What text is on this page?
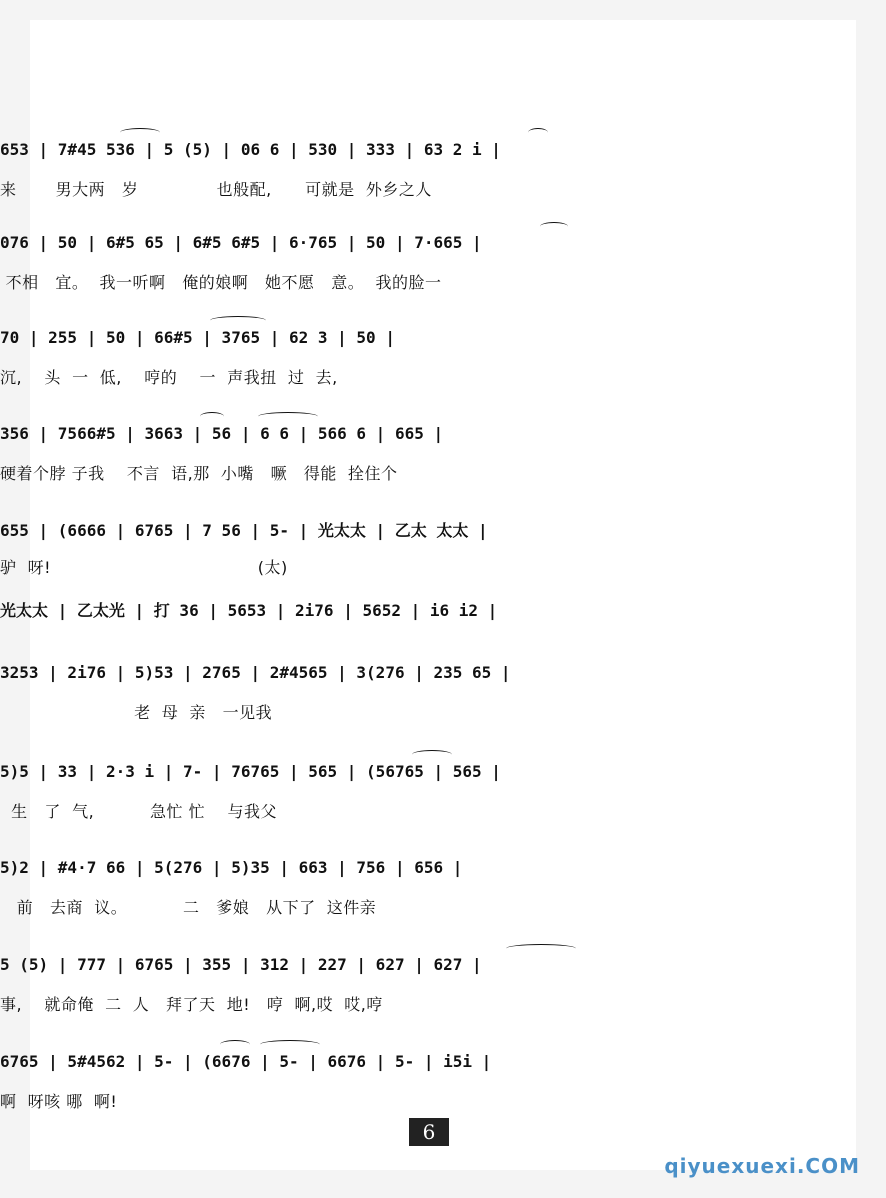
653 | 7#45 536 | 5 (5) | 06 6 | 530 | 333 | 63 2 i |
来       男大两   岁              也般配,      可就是  外乡之人
076 | 50 | 6#5 65 | 6#5 6#5 | 6·765 | 50 | 7·665 |
不相   宜。  我一听啊   俺的娘啊   她不愿   意。  我的脸一
70 | 255 | 50 | 66#5 | 3765 | 62 3 | 50 |
沉,    头  一  低,    哼的    一  声我扭  过  去,
356 | 7566#5 | 3663 | 56 | 6 6 | 566 6 | 665 |
硬着个脖 子我    不言  语,那  小嘴   噘   得能  拴住个
655 | (6666 | 6765 | 7 56 | 5- | 光太太 | 乙太 太太 |
驴  呀!                                     (太)
光太太 | 乙太光 | 打 36 | 5653 | 2i76 | 5652 | i6 i2 |
3253 | 2i76 | 5)53 | 2765 | 2#4565 | 3(276 | 235 65 |
老  母  亲   一见我
5)5 | 33 | 2·3 i | 7- | 76765 | 565 | (56765 | 565 |
生   了  气,          急忙 忙    与我父
5)2 | #4·7 66 | 5(276 | 5)35 | 663 | 756 | 656 |
前   去商  议。          二   爹娘   从下了  这件亲
5 (5) | 777 | 6765 | 355 | 312 | 227 | 627 | 627 |
事,    就命俺  二  人   拜了天  地!   哼  啊,哎  哎,哼
6765 | 5#4562 | 5- | (6676 | 5- | 6676 | 5- | i5i |
啊  呀咳 哪  啊!
6
qiyuexuexi.COM
